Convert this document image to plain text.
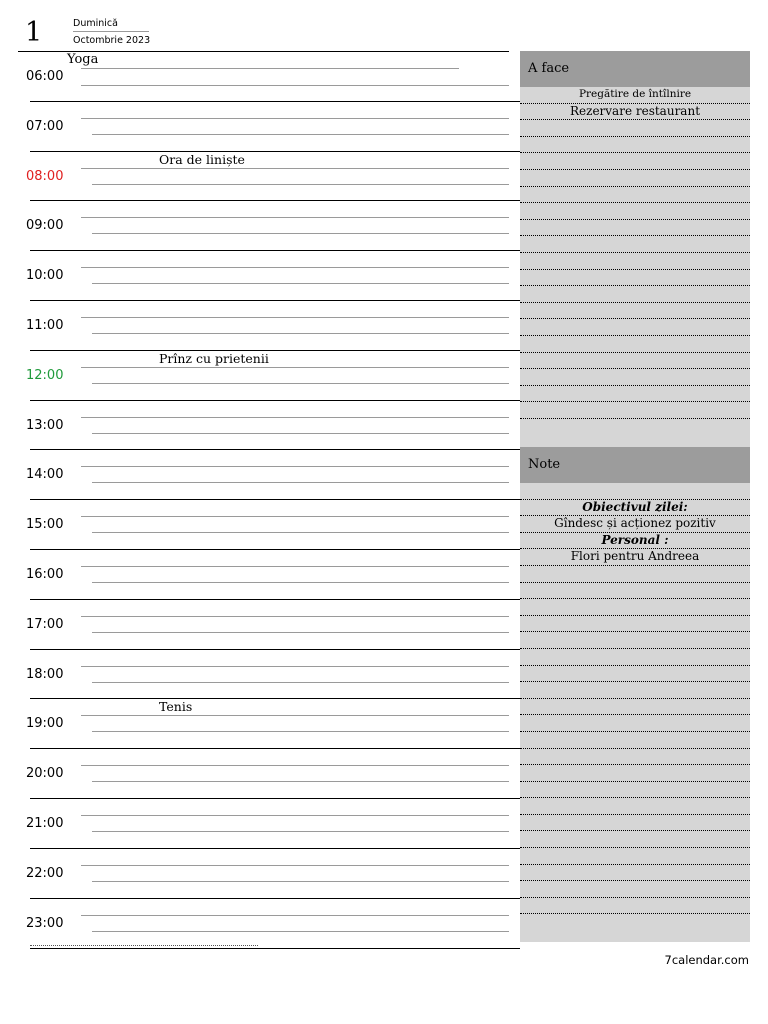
1	Duminică
Octombrie 2023
Yoga
06:00
07:00
08:00
Ora de liniște
09:00
10:00
11:00
12:00
Prînz cu prietenii
13:00
14:00
15:00
16:00
17:00
18:00
19:00
Tenis
20:00
21:00
22:00
23:00
7calendar.com
A face
Pregătire de întîlnire
Rezervare restaurant
Note
Obiectivul zilei:
Gîndesc și acționez pozitiv
Personal :
Flori pentru Andreea
